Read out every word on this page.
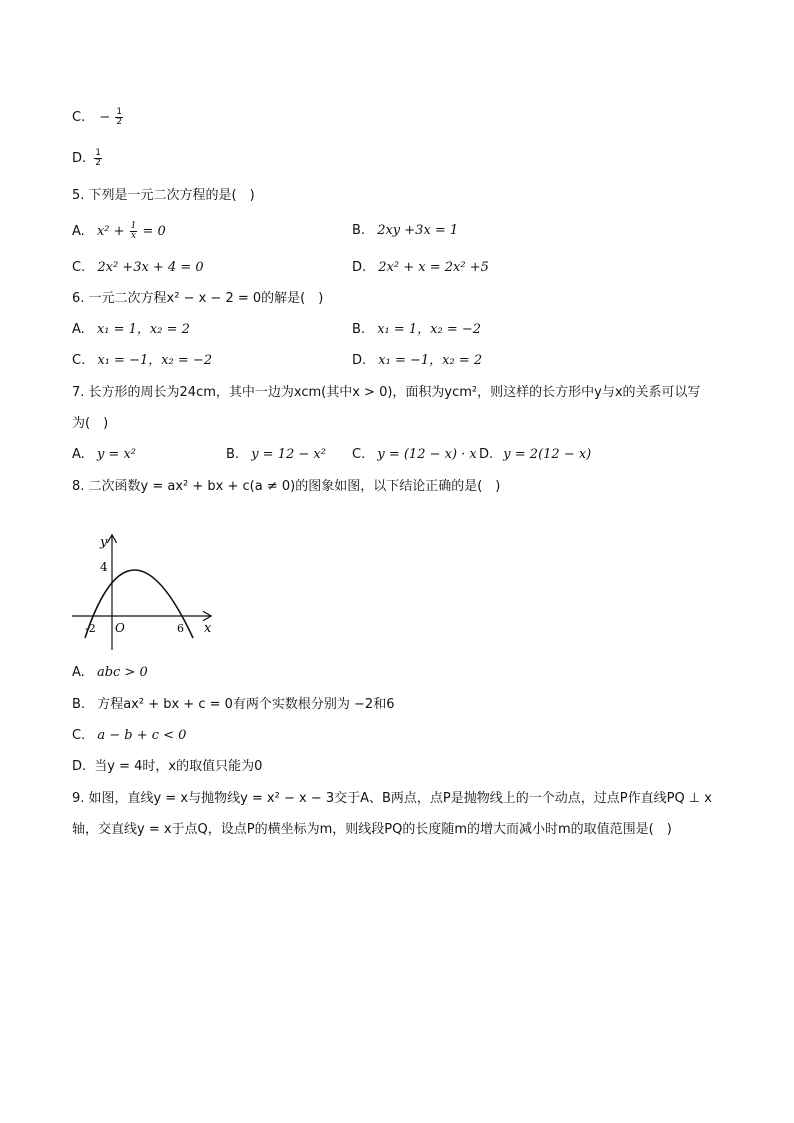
C. − $\frac{1}{2}$
D. $\frac{1}{2}$
5. 下列是一元二次方程的是(　)
A. $x^2 + \frac{1}{x} = 0$	B. 2xy +3x = 1
C. 2x² +3x + 4 = 0	D. 2x² + x = 2x² +5
6. 一元二次方程x² − x − 2 = 0的解是(　)
A. x₁ = 1，x₂ = 2	B. x₁ = 1，x₂ = −2
C. x₁ = −1，x₂ = −2	D. x₁ = −1，x₂ = 2
7. 长方形的周长为24cm，其中一边为xcm(其中x > 0)，面积为ycm²，则这样的长方形中y与x的关系可以写
为(　)
A. y = x²	B. y = 12 − x² C. y = (12 − x) · x D. y = 2(12 − x)
8. 二次函数y = ax² + bx + c(a ≠ 0)的图象如图，以下结论正确的是(　)
y
x
O
4
-2	6
A. abc > 0
B. 方程ax² + bx + c = 0有两个实数根分别为 −2和6
C. a − b + c < 0
D. 当y = 4时，x的取值只能为0
9. 如图，直线y = x与抛物线y = x² − x − 3交于A、B两点，点P是抛物线上的一个动点，过点P作直线PQ ⊥ x
轴，交直线y = x于点Q，设点P的横坐标为m，则线段PQ的长度随m的增大而减小时m的取值范围是(　)
